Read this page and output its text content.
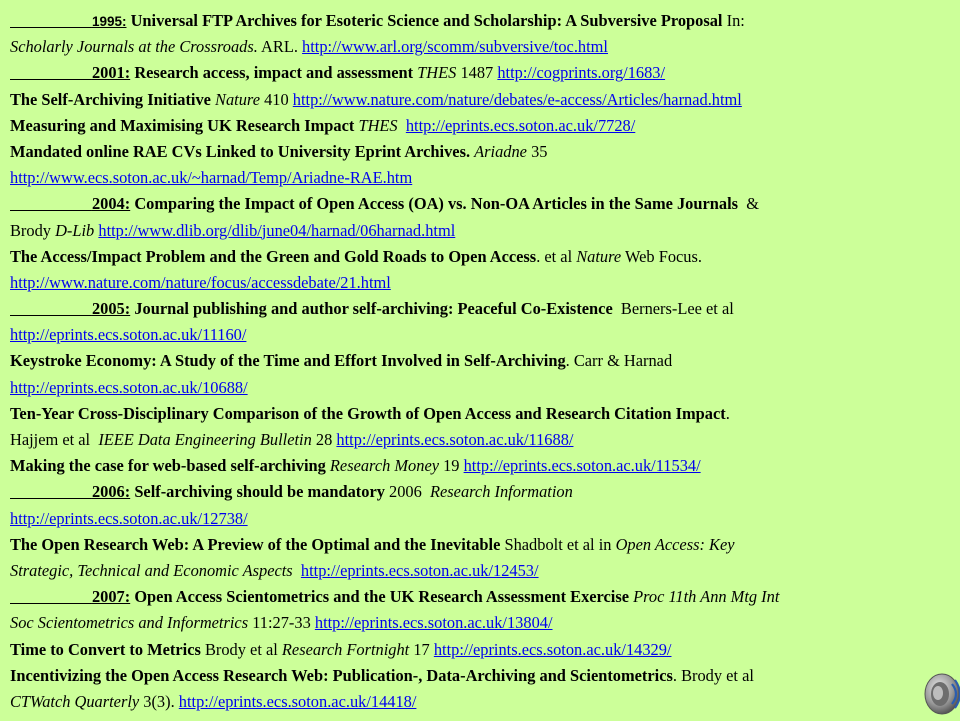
1995: Universal FTP Archives for Esoteric Science and Scholarship: A Subversive Proposal In:
Scholarly Journals at the Crossroads. ARL. http://www.arl.org/scomm/subversive/toc.html
2001: Research access, impact and assessment THES 1487 http://cogprints.org/1683/
The Self-Archiving Initiative Nature 410 http://www.nature.com/nature/debates/e-access/Articles/harnad.html
Measuring and Maximising UK Research Impact THES http://eprints.ecs.soton.ac.uk/7728/
Mandated online RAE CVs Linked to University Eprint Archives. Ariadne 35
http://www.ecs.soton.ac.uk/~harnad/Temp/Ariadne-RAE.htm
2004: Comparing the Impact of Open Access (OA) vs. Non-OA Articles in the Same Journals &
Brody D-Lib http://www.dlib.org/dlib/june04/harnad/06harnad.html
The Access/Impact Problem and the Green and Gold Roads to Open Access. et al Nature Web Focus.
http://www.nature.com/nature/focus/accessdebate/21.html
2005: Journal publishing and author self-archiving: Peaceful Co-Existence Berners-Lee et al
http://eprints.ecs.soton.ac.uk/11160/
Keystroke Economy: A Study of the Time and Effort Involved in Self-Archiving. Carr & Harnad
http://eprints.ecs.soton.ac.uk/10688/
Ten-Year Cross-Disciplinary Comparison of the Growth of Open Access and Research Citation Impact.
Hajjem et al IEEE Data Engineering Bulletin 28 http://eprints.ecs.soton.ac.uk/11688/
Making the case for web-based self-archiving Research Money 19 http://eprints.ecs.soton.ac.uk/11534/
2006: Self-archiving should be mandatory 2006 Research Information
http://eprints.ecs.soton.ac.uk/12738/
The Open Research Web: A Preview of the Optimal and the Inevitable Shadbolt et al in Open Access: Key
Strategic, Technical and Economic Aspects http://eprints.ecs.soton.ac.uk/12453/
2007: Open Access Scientometrics and the UK Research Assessment Exercise Proc 11th Ann Mtg Int
Soc Scientometrics and Informetrics 11:27-33 http://eprints.ecs.soton.ac.uk/13804/
Time to Convert to Metrics Brody et al Research Fortnight 17 http://eprints.ecs.soton.ac.uk/14329/
Incentivizing the Open Access Research Web: Publication-, Data-Archiving and Scientometrics. Brody et al
CTWatch Quarterly 3(3). http://eprints.ecs.soton.ac.uk/14418/
